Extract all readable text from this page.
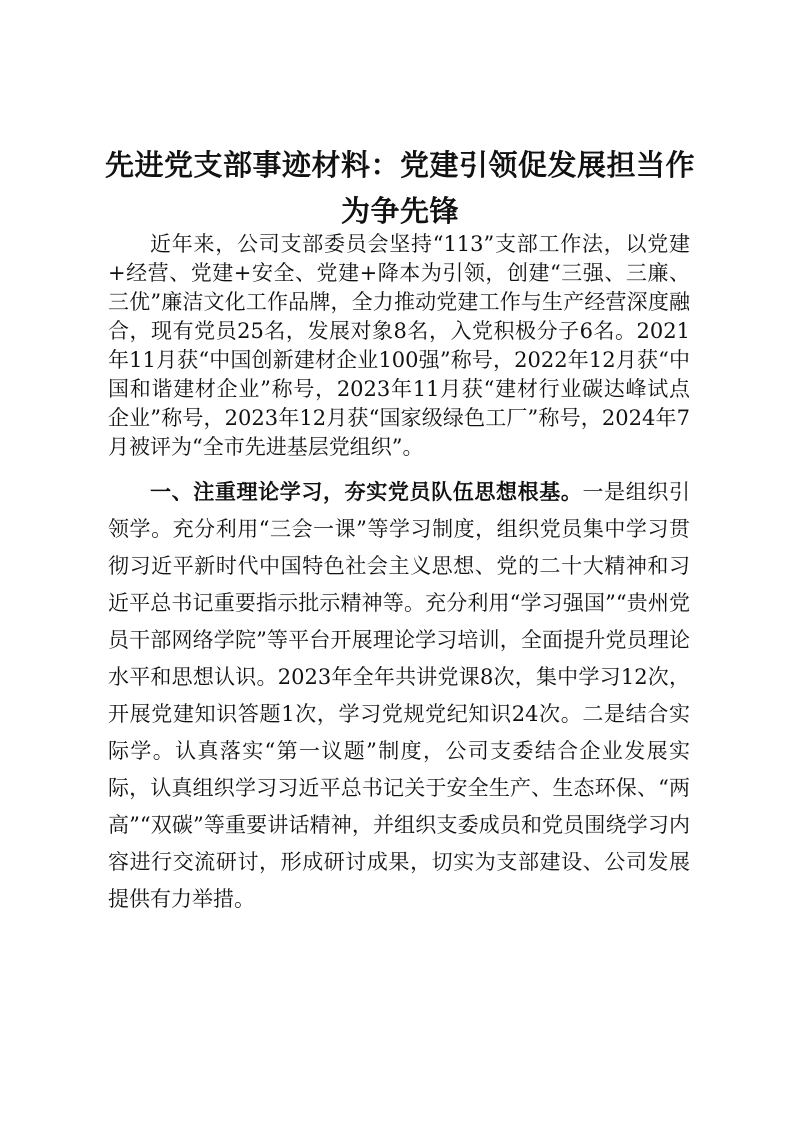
先进党支部事迹材料：党建引领促发展担当作为争先锋

近年来，公司支部委员会坚持“113”支部工作法，以党建+经营、党建+安全、党建+降本为引领，创建“三强、三廉、三优”廉洁文化工作品牌，全力推动党建工作与生产经营深度融合，现有党员25名，发展对象8名，入党积极分子6名。2021年11月获“中国创新建材企业100强”称号，2022年12月获“中国和谐建材企业”称号，2023年11月获“建材行业碳达峰试点企业”称号，2023年12月获“国家级绿色工厂”称号，2024年7月被评为“全市先进基层党组织”。

一、注重理论学习，夯实党员队伍思想根基。一是组织引领学。充分利用“三会一课”等学习制度，组织党员集中学习贯彻习近平新时代中国特色社会主义思想、党的二十大精神和习近平总书记重要指示批示精神等。充分利用“学习强国”“贵州党员干部网络学院”等平台开展理论学习培训，全面提升党员理论水平和思想认识。2023年全年共讲党课8次，集中学习12次，开展党建知识答题1次，学习党规党纪知识24次。二是结合实际学。认真落实“第一议题”制度，公司支委结合企业发展实际，认真组织学习习近平总书记关于安全生产、生态环保、“两高”“双碳”等重要讲话精神，并组织支委成员和党员围绕学习内容进行交流研讨，形成研讨成果，切实为支部建设、公司发展提供有力举措。
